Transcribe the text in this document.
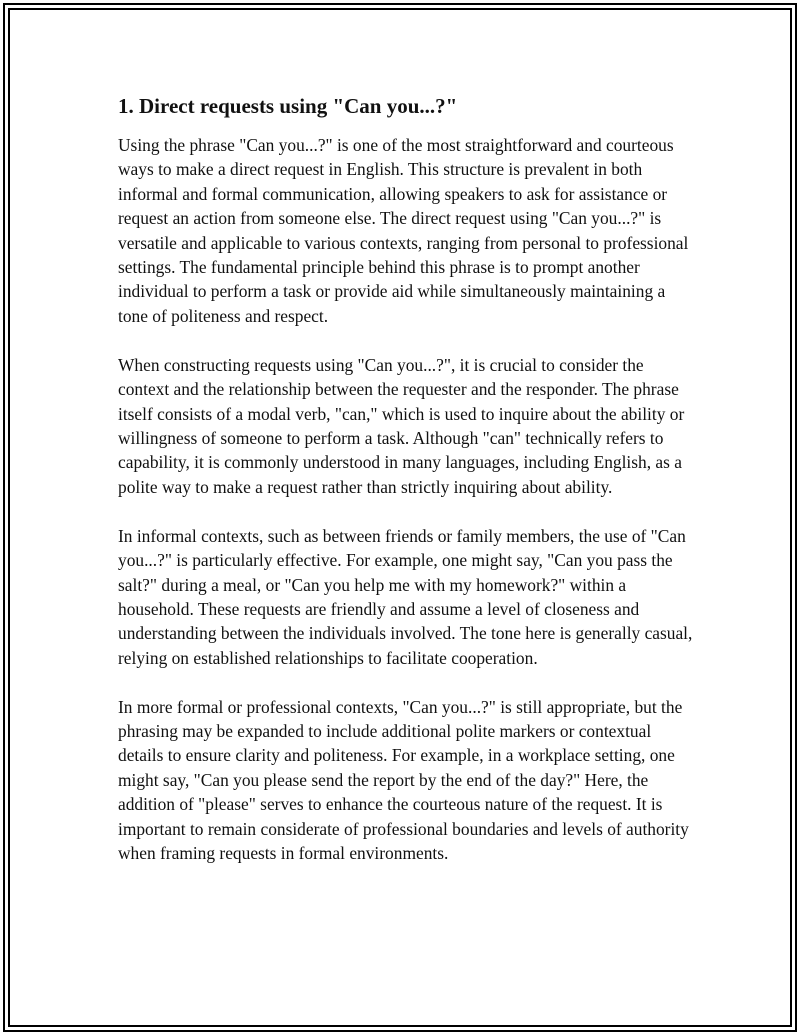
1. Direct requests using "Can you...?"

Using the phrase "Can you...?" is one of the most straightforward and courteous ways to make a direct request in English. This structure is prevalent in both informal and formal communication, allowing speakers to ask for assistance or request an action from someone else. The direct request using "Can you...?" is versatile and applicable to various contexts, ranging from personal to professional settings. The fundamental principle behind this phrase is to prompt another individual to perform a task or provide aid while simultaneously maintaining a tone of politeness and respect.

When constructing requests using "Can you...?", it is crucial to consider the context and the relationship between the requester and the responder. The phrase itself consists of a modal verb, "can," which is used to inquire about the ability or willingness of someone to perform a task. Although "can" technically refers to capability, it is commonly understood in many languages, including English, as a polite way to make a request rather than strictly inquiring about ability.

In informal contexts, such as between friends or family members, the use of "Can you...?" is particularly effective. For example, one might say, "Can you pass the salt?" during a meal, or "Can you help me with my homework?" within a household. These requests are friendly and assume a level of closeness and understanding between the individuals involved. The tone here is generally casual, relying on established relationships to facilitate cooperation.

In more formal or professional contexts, "Can you...?" is still appropriate, but the phrasing may be expanded to include additional polite markers or contextual details to ensure clarity and politeness. For example, in a workplace setting, one might say, "Can you please send the report by the end of the day?" Here, the addition of "please" serves to enhance the courteous nature of the request. It is important to remain considerate of professional boundaries and levels of authority when framing requests in formal environments.
